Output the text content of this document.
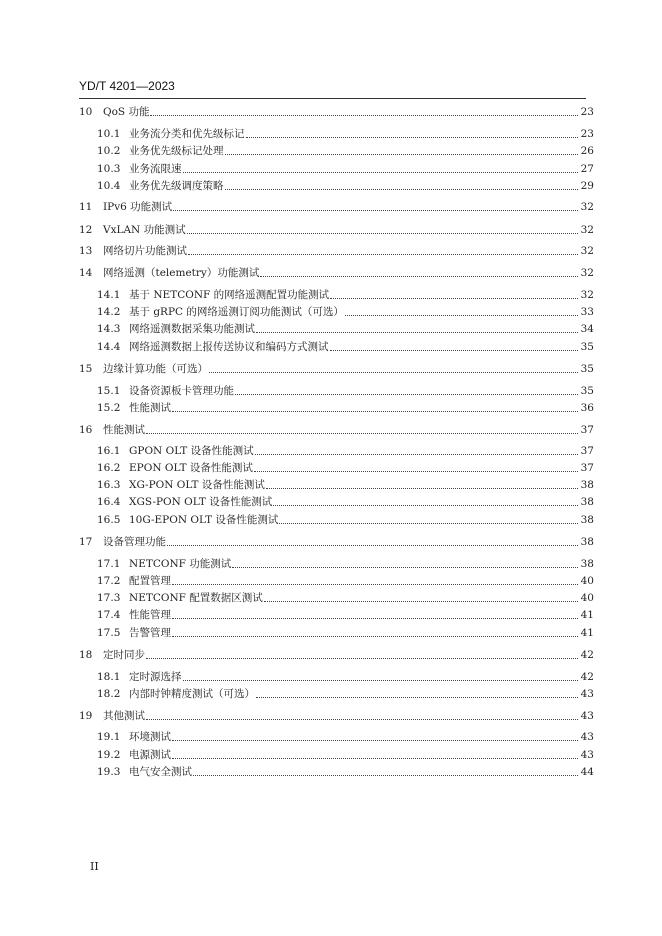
YD/T 4201—2023
10	QoS 功能	23
10.1 业务流分类和优先级标记	23
10.2 业务优先级标记处理	26
10.3 业务流限速	27
10.4 业务优先级调度策略	29
11	IPv6 功能测试	32
12	VxLAN 功能测试	32
13	网络切片功能测试	32
14	网络遥测（telemetry）功能测试	32
14.1 基于 NETCONF 的网络遥测配置功能测试	32
14.2 基于 gRPC 的网络遥测订阅功能测试（可选）	33
14.3 网络遥测数据采集功能测试	34
14.4 网络遥测数据上报传送协议和编码方式测试	35
15	边缘计算功能（可选）	35
15.1 设备资源板卡管理功能	35
15.2 性能测试	36
16	性能测试	37
16.1 GPON OLT 设备性能测试	37
16.2 EPON OLT 设备性能测试	37
16.3 XG-PON OLT 设备性能测试	38
16.4 XGS-PON OLT 设备性能测试	38
16.5 10G-EPON OLT 设备性能测试	38
17	设备管理功能	38
17.1 NETCONF 功能测试	38
17.2 配置管理	40
17.3 NETCONF 配置数据区测试	40
17.4 性能管理	41
17.5 告警管理	41
18	定时同步	42
18.1 定时源选择	42
18.2 内部时钟精度测试（可选）	43
19	其他测试	43
19.1 环境测试	43
19.2 电源测试	43
19.3 电气安全测试	44
II
